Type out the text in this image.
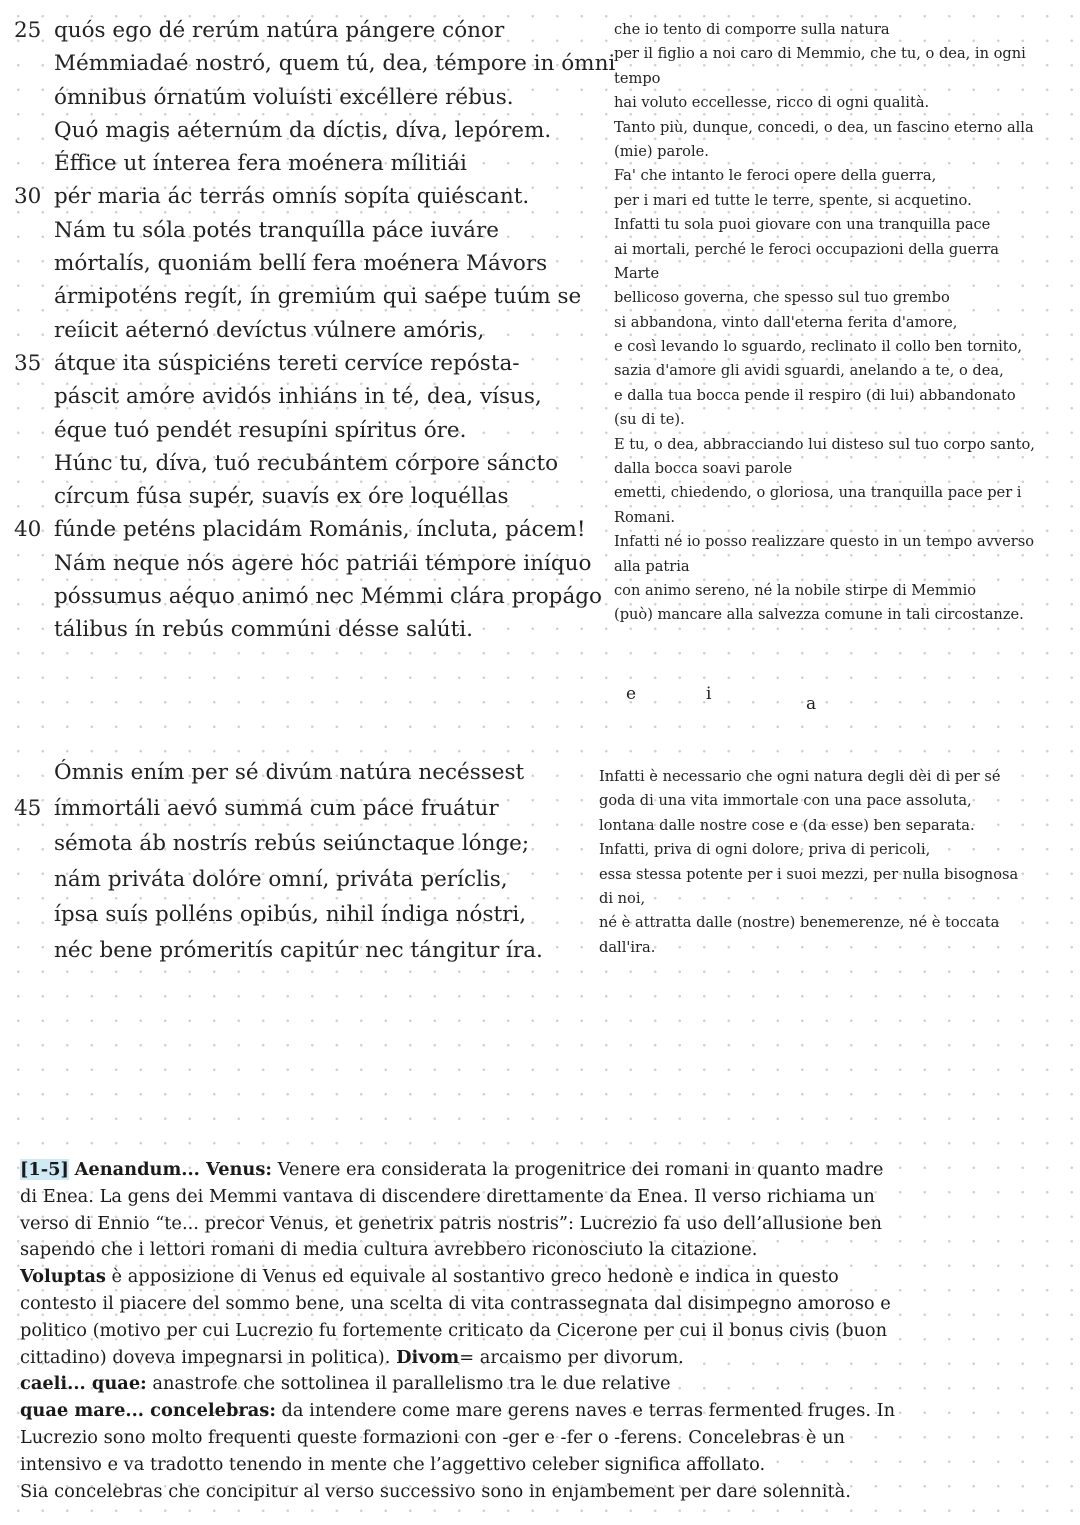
25 quós ego dé rerúm natúra pángere cónor
Mémmiadaé nostró, quem tú, dea, témpore in ómni
ómnibus órnatúm voluísti excéllere rébus.
Quó magis aéternúm da díctis, díva, lepórem.
Éffice ut ínterea fera moénera mílitiái
30 pér maria ác terrás omnís sopíta quiéscant.
Nám tu sóla potés tranquílla páce iuváre
mórtalís, quoniám bellí fera moénera Mávors
ármipoténs regít, ín gremiúm qui saépe tuúm se
reíicit aéternó devíctus vúlnere amóris,
35 átque ita súspiciéns tereti cervíce repósta-
páscit amóre avidós inhiáns in té, dea, vísus,
éque tuó pendét resupíni spíritus óre.
Húnc tu, díva, tuó recubántem córpore sáncto
círcum fúsa supér, suavís ex óre loquéllas
40 fúnde peténs placidám Románis, íncluta, pácem!
Nám neque nós agere hóc patriái témpore iníquo
póssumus aéquo animó nec Mémmi clára propágo
tálibus ín rebús commúni désse salúti.
che io tento di comporre sulla natura
per il figlio a noi caro di Memmio, che tu, o dea, in ogni
tempo
hai voluto eccellesse, ricco di ogni qualità.
Tanto più, dunque, concedi, o dea, un fascino eterno alla
(mie) parole.
Fa' che intanto le feroci opere della guerra,
per i mari ed tutte le terre, spente, si acquetino.
Infatti tu sola puoi giovare con una tranquilla pace
ai mortali, perché le feroci occupazioni della guerra
Marte
bellicoso governa, che spesso sul tuo grembo
si abbandona, vinto dall'eterna ferita d'amore,
e così levando lo sguardo, reclinato il collo ben tornito,
sazia d'amore gli avidi sguardi, anelando a te, o dea,
e dalla tua bocca pende il respiro (di lui) abbandonato
(su di te).
E tu, o dea, abbracciando lui disteso sul tuo corpo santo,
dalla bocca soavi parole
emetti, chiedendo, o gloriosa, una tranquilla pace per i
Romani.
Infatti né io posso realizzare questo in un tempo avverso
alla patria
con animo sereno, né la nobile stirpe di Memmio
(può) mancare alla salvezza comune in tali circostanze.
e	i	a
Ómnis ením per sé divúm natúra necéssest
45 ímmortáli aevó summá cum páce fruátur
sémota áb nostrís rebús seiúnctaque lónge;
nám priváta dolóre omní, priváta períclis,
ípsa suís polléns opibús, nihil índiga nóstri,
néc bene prómeritís capitúr nec tángitur íra.
Infatti è necessario che ogni natura degli dèi di per sé
goda di una vita immortale con una pace assoluta,
lontana dalle nostre cose e (da esse) ben separata.
Infatti, priva di ogni dolore, priva di pericoli,
essa stessa potente per i suoi mezzi, per nulla bisognosa
di noi,
né è attratta dalle (nostre) benemerenze, né è toccata
dall'ira.
[1-5] Aenandum... Venus: Venere era considerata la progenitrice dei romani in quanto madre
di Enea. La gens dei Memmi vantava di discendere direttamente da Enea. Il verso richiama un
verso di Ennio “te... precor Venus, et genetrix patris nostris”: Lucrezio fa uso dell’allusione ben
sapendo che i lettori romani di media cultura avrebbero riconosciuto la citazione.
Voluptas è apposizione di Venus ed equivale al sostantivo greco hedonè e indica in questo
contesto il piacere del sommo bene, una scelta di vita contrassegnata dal disimpegno amoroso e
politico (motivo per cui Lucrezio fu fortemente criticato da Cicerone per cui il bonus civis (buon
cittadino) doveva impegnarsi in politica). Divom= arcaismo per divorum.
caeli... quae: anastrofe che sottolinea il parallelismo tra le due relative
quae mare... concelebras: da intendere come mare gerens naves e terras fermented fruges. In
Lucrezio sono molto frequenti queste formazioni con -ger e -fer o -ferens. Concelebras è un
intensivo e va tradotto tenendo in mente che l’aggettivo celeber significa affollato.
Sia concelebras che concipitur al verso successivo sono in enjambement per dare solennità.
